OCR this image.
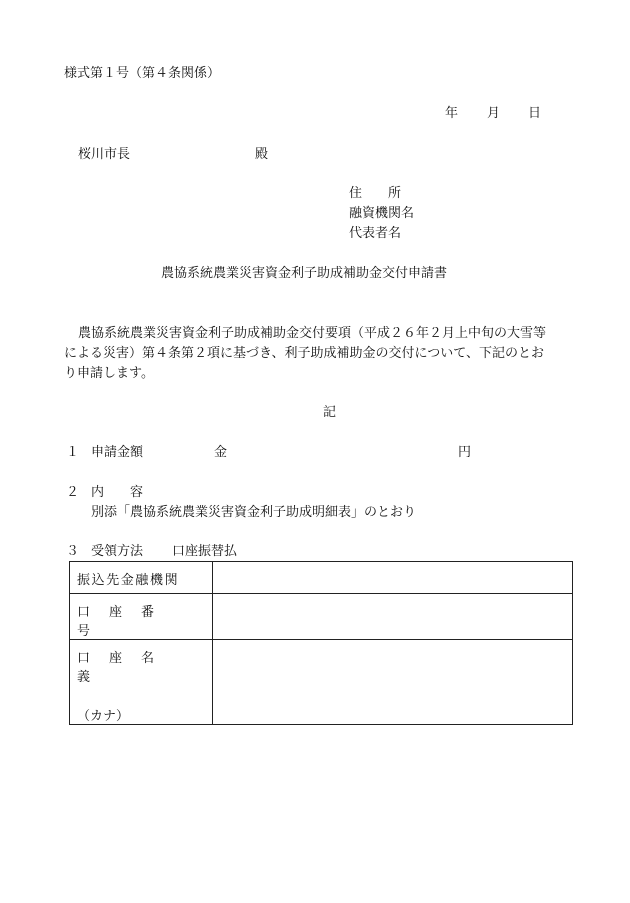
様式第１号（第４条関係）
年 月 日
桜川市長	殿
住　　所
融資機関名
代表者名
農協系統農業災害資金利子助成補助金交付申請書
農協系統農業災害資金利子助成補助金交付要項（平成２６年２月上中旬の大雪等
による災害）第４条第２項に基づき、利子助成補助金の交付について、下記のとお
り申請します。
記
１ 申請金額	金	円
２ 内　　容
別添「農協系統農業災害資金利子助成明細表」のとおり
３ 受領方法 口座振替払
振込先金融機関	

口座番号	

口座名義
（カナ）	
